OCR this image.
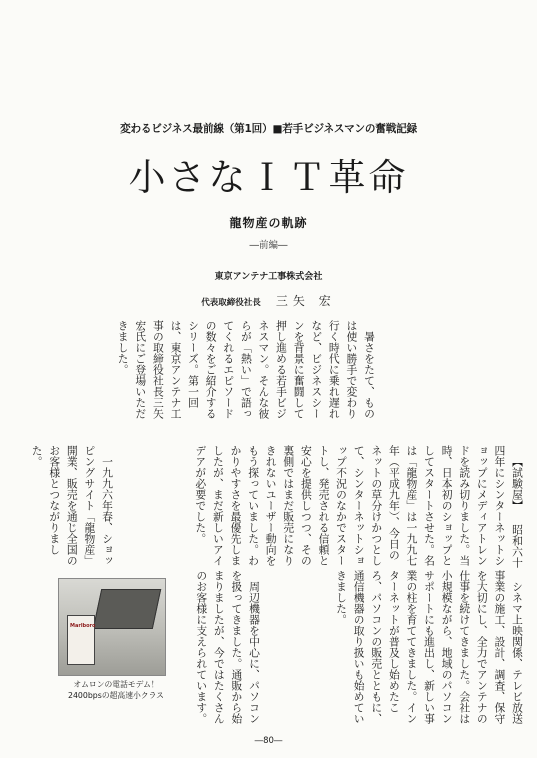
変わるビジネス最前線（第1回）■若手ビジネスマンの奮戦記録
小さなＩＴ革命
龍物産の軌跡
―前編―
東京アンテナ工事株式会社
代表取締役社長 三矢 宏

暑さをたて、ものは使い勝手で変わり行く時代に乗れ遅れなど、ビジネスシーンを背景に奮闘して押し進める若手ビジネスマン。そんな彼らが「熱い」で語ってくれるエピソードの数々をご紹介するシリーズ。第一回は、東京アンテナ工事の取締役社長三矢宏氏にご登場いただきました。

【試験屋】 昭和六十四年にシンターネットショップにメディアトレンドを読み切りました。当時、日本初のショップとしてスタートさせた。名は「龍物産」は一九九七年（平成九年）、今日のネットの草分けかつとして、シンターネットショップ不況のなかでスタートし、発売される信頼と安心を提供しつつ、その裏側ではまだ販売になりきれないユーザー動向をもう探っていました。わかりやすさを最優先しましたが、まだ新しいアイデアが必要でした。

一九九六年春、ショッピングサイト「龍物産」開業、販売を通じ全国のお客様とつながりました。

シネマ上映関係、テレビ放送事業の施工、設計、調査、保守を大切にし、全力でアンテナの仕事を続けてきました。会社は小規模ながら、地域のパソコンサポートにも進出し、新しい事業の柱を育ててきました。インターネットが普及し始めたころ、パソコンの販売とともに、通信機器の取り扱いも始めていきました。

周辺機器を中心に、パソコンを扱ってきました。通販から始まりましたが、今ではたくさんのお客様に支えられています。

Marlboro
オムロンの電話モデム！
2400bpsの超高速小クラス
―80―
